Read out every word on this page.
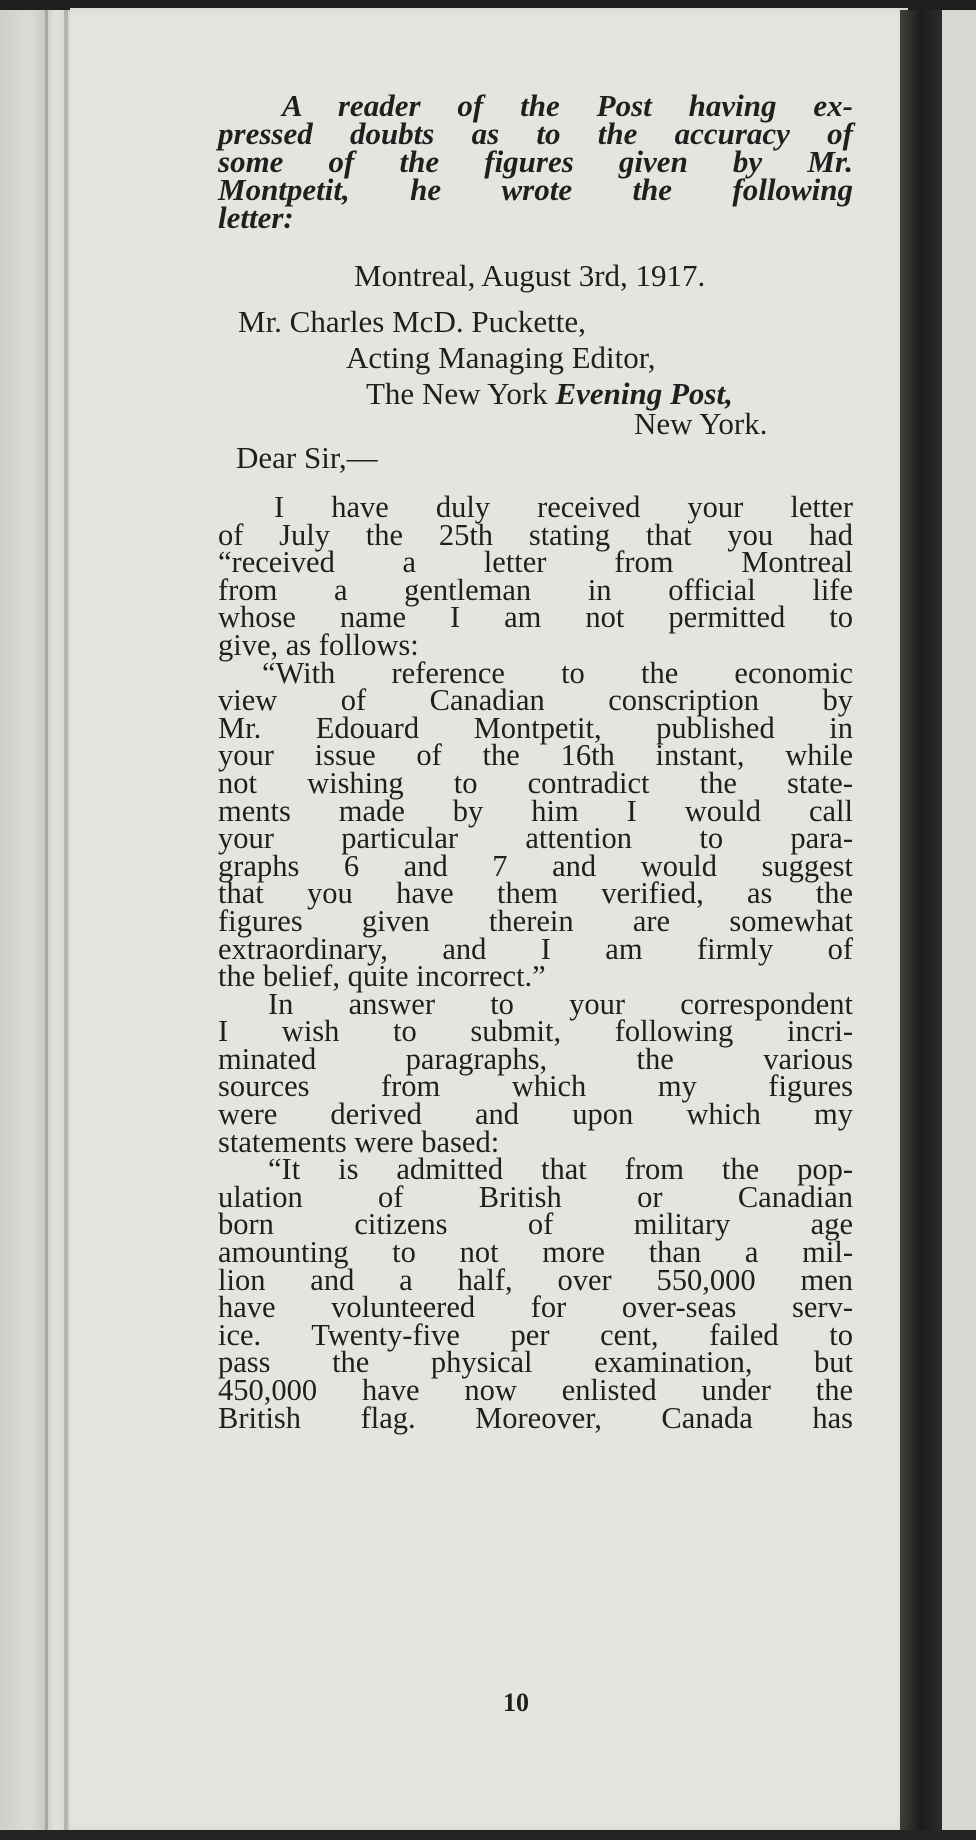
A reader of the Post having ex-
pressed doubts as to the accuracy of
some of the figures given by Mr.
Montpetit, he wrote the following
letter:
Montreal, August 3rd, 1917.
Mr. Charles McD. Puckette,
Acting Managing Editor,
The New York Evening Post,
New York.
Dear Sir,—
I have duly received your letter
of July the 25th stating that you had
“received a letter from Montreal
from a gentleman in official life
whose name I am not permitted to
give, as follows:
“With reference to the economic
view of Canadian conscription by
Mr. Edouard Montpetit, published in
your issue of the 16th instant, while
not wishing to contradict the state-
ments made by him I would call
your particular attention to para-
graphs 6 and 7 and would suggest
that you have them verified, as the
figures given therein are somewhat
extraordinary, and I am firmly of
the belief, quite incorrect.”
In answer to your correspondent
I wish to submit, following incri-
minated paragraphs, the various
sources from which my figures
were derived and upon which my
statements were based:
“It is admitted that from the pop-
ulation of British or Canadian
born citizens of military age
amounting to not more than a mil-
lion and a half, over 550,000 men
have volunteered for over-seas serv-
ice. Twenty-five per cent, failed to
pass the physical examination, but
450,000 have now enlisted under the
British flag. Moreover, Canada has
10
